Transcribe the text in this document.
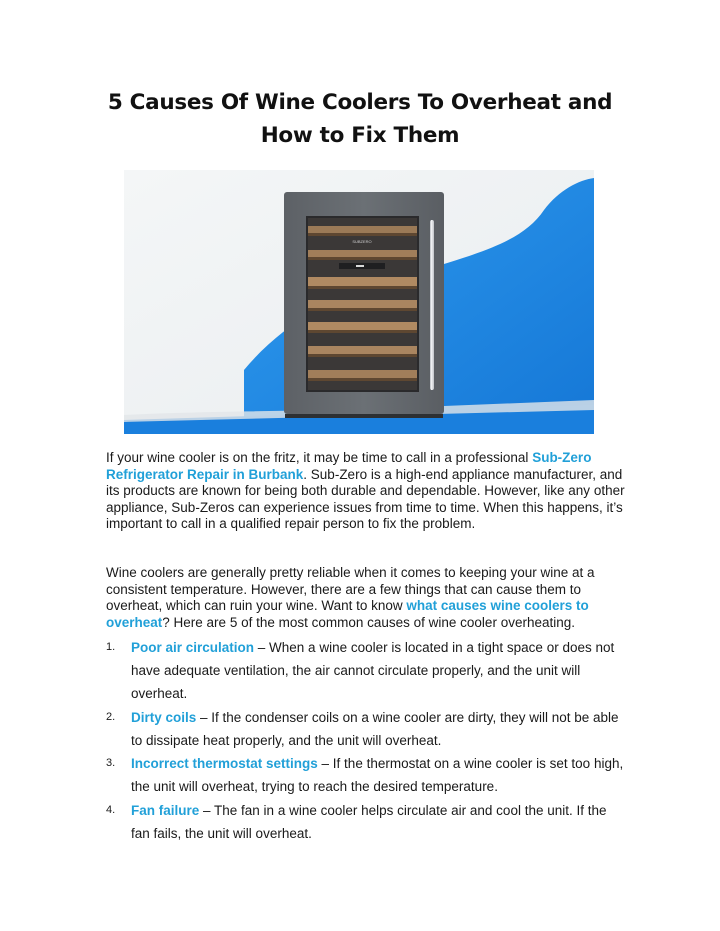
5 Causes Of Wine Coolers To Overheat and
How to Fix Them
SUBZERO
If your wine cooler is on the fritz, it may be time to call in a professional Sub-Zero Refrigerator Repair in Burbank. Sub-Zero is a high-end appliance manufacturer, and its products are known for being both durable and dependable. However, like any other appliance, Sub-Zeros can experience issues from time to time. When this happens, it’s important to call in a qualified repair person to fix the problem.
Wine coolers are generally pretty reliable when it comes to keeping your wine at a consistent temperature. However, there are a few things that can cause them to overheat, which can ruin your wine. Want to know what causes wine coolers to overheat? Here are 5 of the most common causes of wine cooler overheating.
1. Poor air circulation – When a wine cooler is located in a tight space or does not have adequate ventilation, the air cannot circulate properly, and the unit will overheat.
2. Dirty coils – If the condenser coils on a wine cooler are dirty, they will not be able to dissipate heat properly, and the unit will overheat.
3. Incorrect thermostat settings – If the thermostat on a wine cooler is set too high, the unit will overheat, trying to reach the desired temperature.
4. Fan failure – The fan in a wine cooler helps circulate air and cool the unit. If the fan fails, the unit will overheat.
